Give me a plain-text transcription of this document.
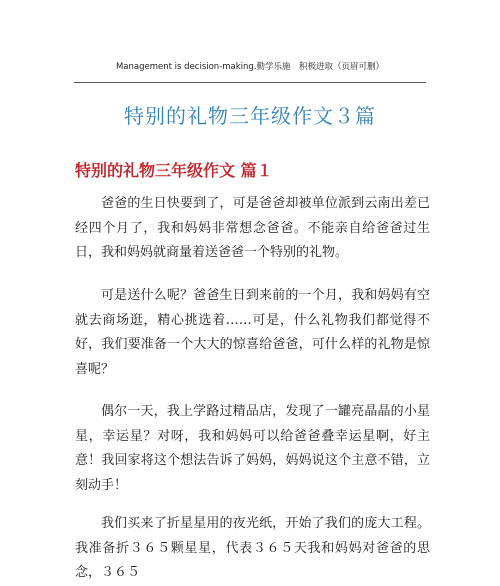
Management is decision-making.勤学乐施　积极进取（页眉可删）
特别的礼物三年级作文３篇
特别的礼物三年级作文 篇１

爸爸的生日快要到了，可是爸爸却被单位派到云南出差已经四个月了，我和妈妈非常想念爸爸。不能亲自给爸爸过生日，我和妈妈就商量着送爸爸一个特别的礼物。

可是送什么呢？爸爸生日到来前的一个月，我和妈妈有空就去商场逛，精心挑选着……可是，什么礼物我们都觉得不好，我们要准备一个大大的惊喜给爸爸，可什么样的礼物是惊喜呢？

偶尔一天，我上学路过精品店，发现了一罐亮晶晶的小星星，幸运星？对呀，我和妈妈可以给爸爸叠幸运星啊，好主意！我回家将这个想法告诉了妈妈，妈妈说这个主意不错，立刻动手！

我们买来了折星星用的夜光纸，开始了我们的庞大工程。我准备折３６５颗星星，代表３６５天我和妈妈对爸爸的思念，３６５
